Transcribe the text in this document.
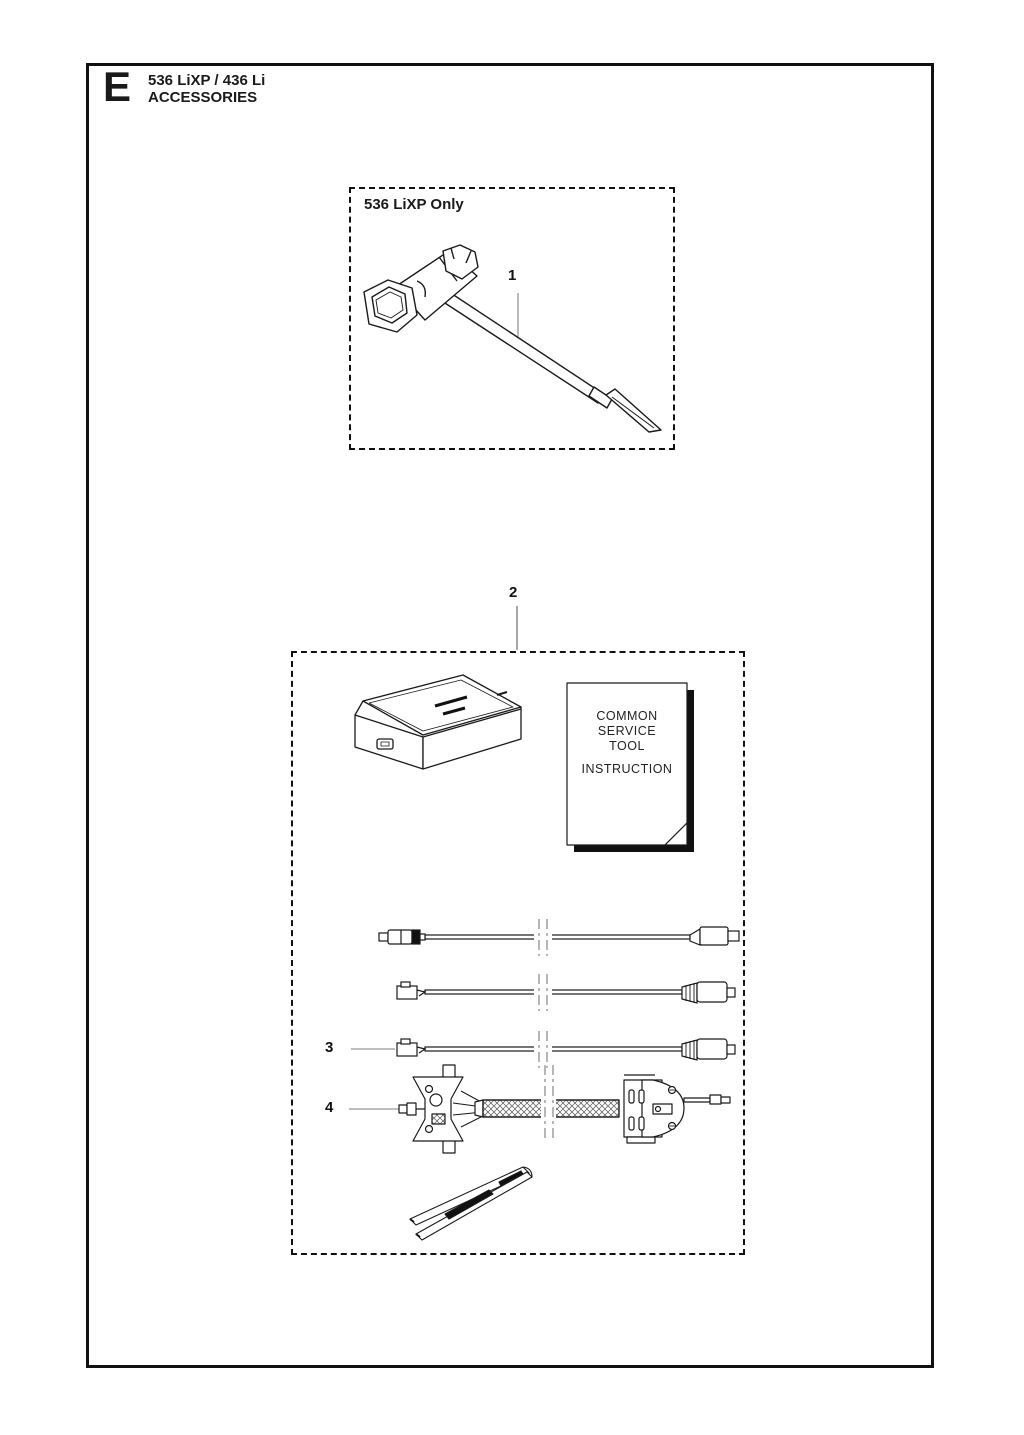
E 536 LiXP / 436 Li
ACCESSORIES
536 LiXP Only
1
2
COMMON
SERVICE
TOOL
INSTRUCTION
3
4
